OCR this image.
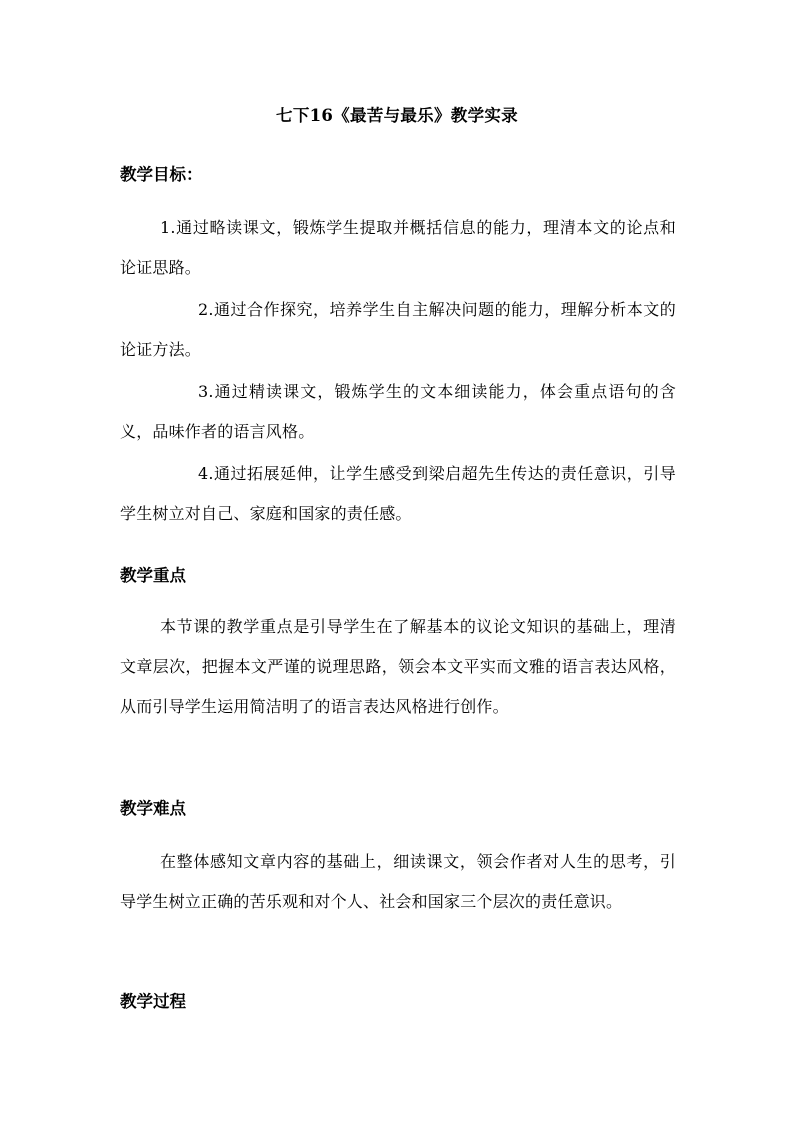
七下16《最苦与最乐》教学实录
教学目标：

1.通过略读课文，锻炼学生提取并概括信息的能力，理清本文的论点和论证思路。

2.通过合作探究，培养学生自主解决问题的能力，理解分析本文的论证方法。

3.通过精读课文，锻炼学生的文本细读能力，体会重点语句的含义，品味作者的语言风格。

4.通过拓展延伸，让学生感受到梁启超先生传达的责任意识，引导学生树立对自己、家庭和国家的责任感。

教学重点

本节课的教学重点是引导学生在了解基本的议论文知识的基础上，理清文章层次，把握本文严谨的说理思路，领会本文平实而文雅的语言表达风格，从而引导学生运用简洁明了的语言表达风格进行创作。

教学难点

在整体感知文章内容的基础上，细读课文，领会作者对人生的思考，引导学生树立正确的苦乐观和对个人、社会和国家三个层次的责任意识。

教学过程
